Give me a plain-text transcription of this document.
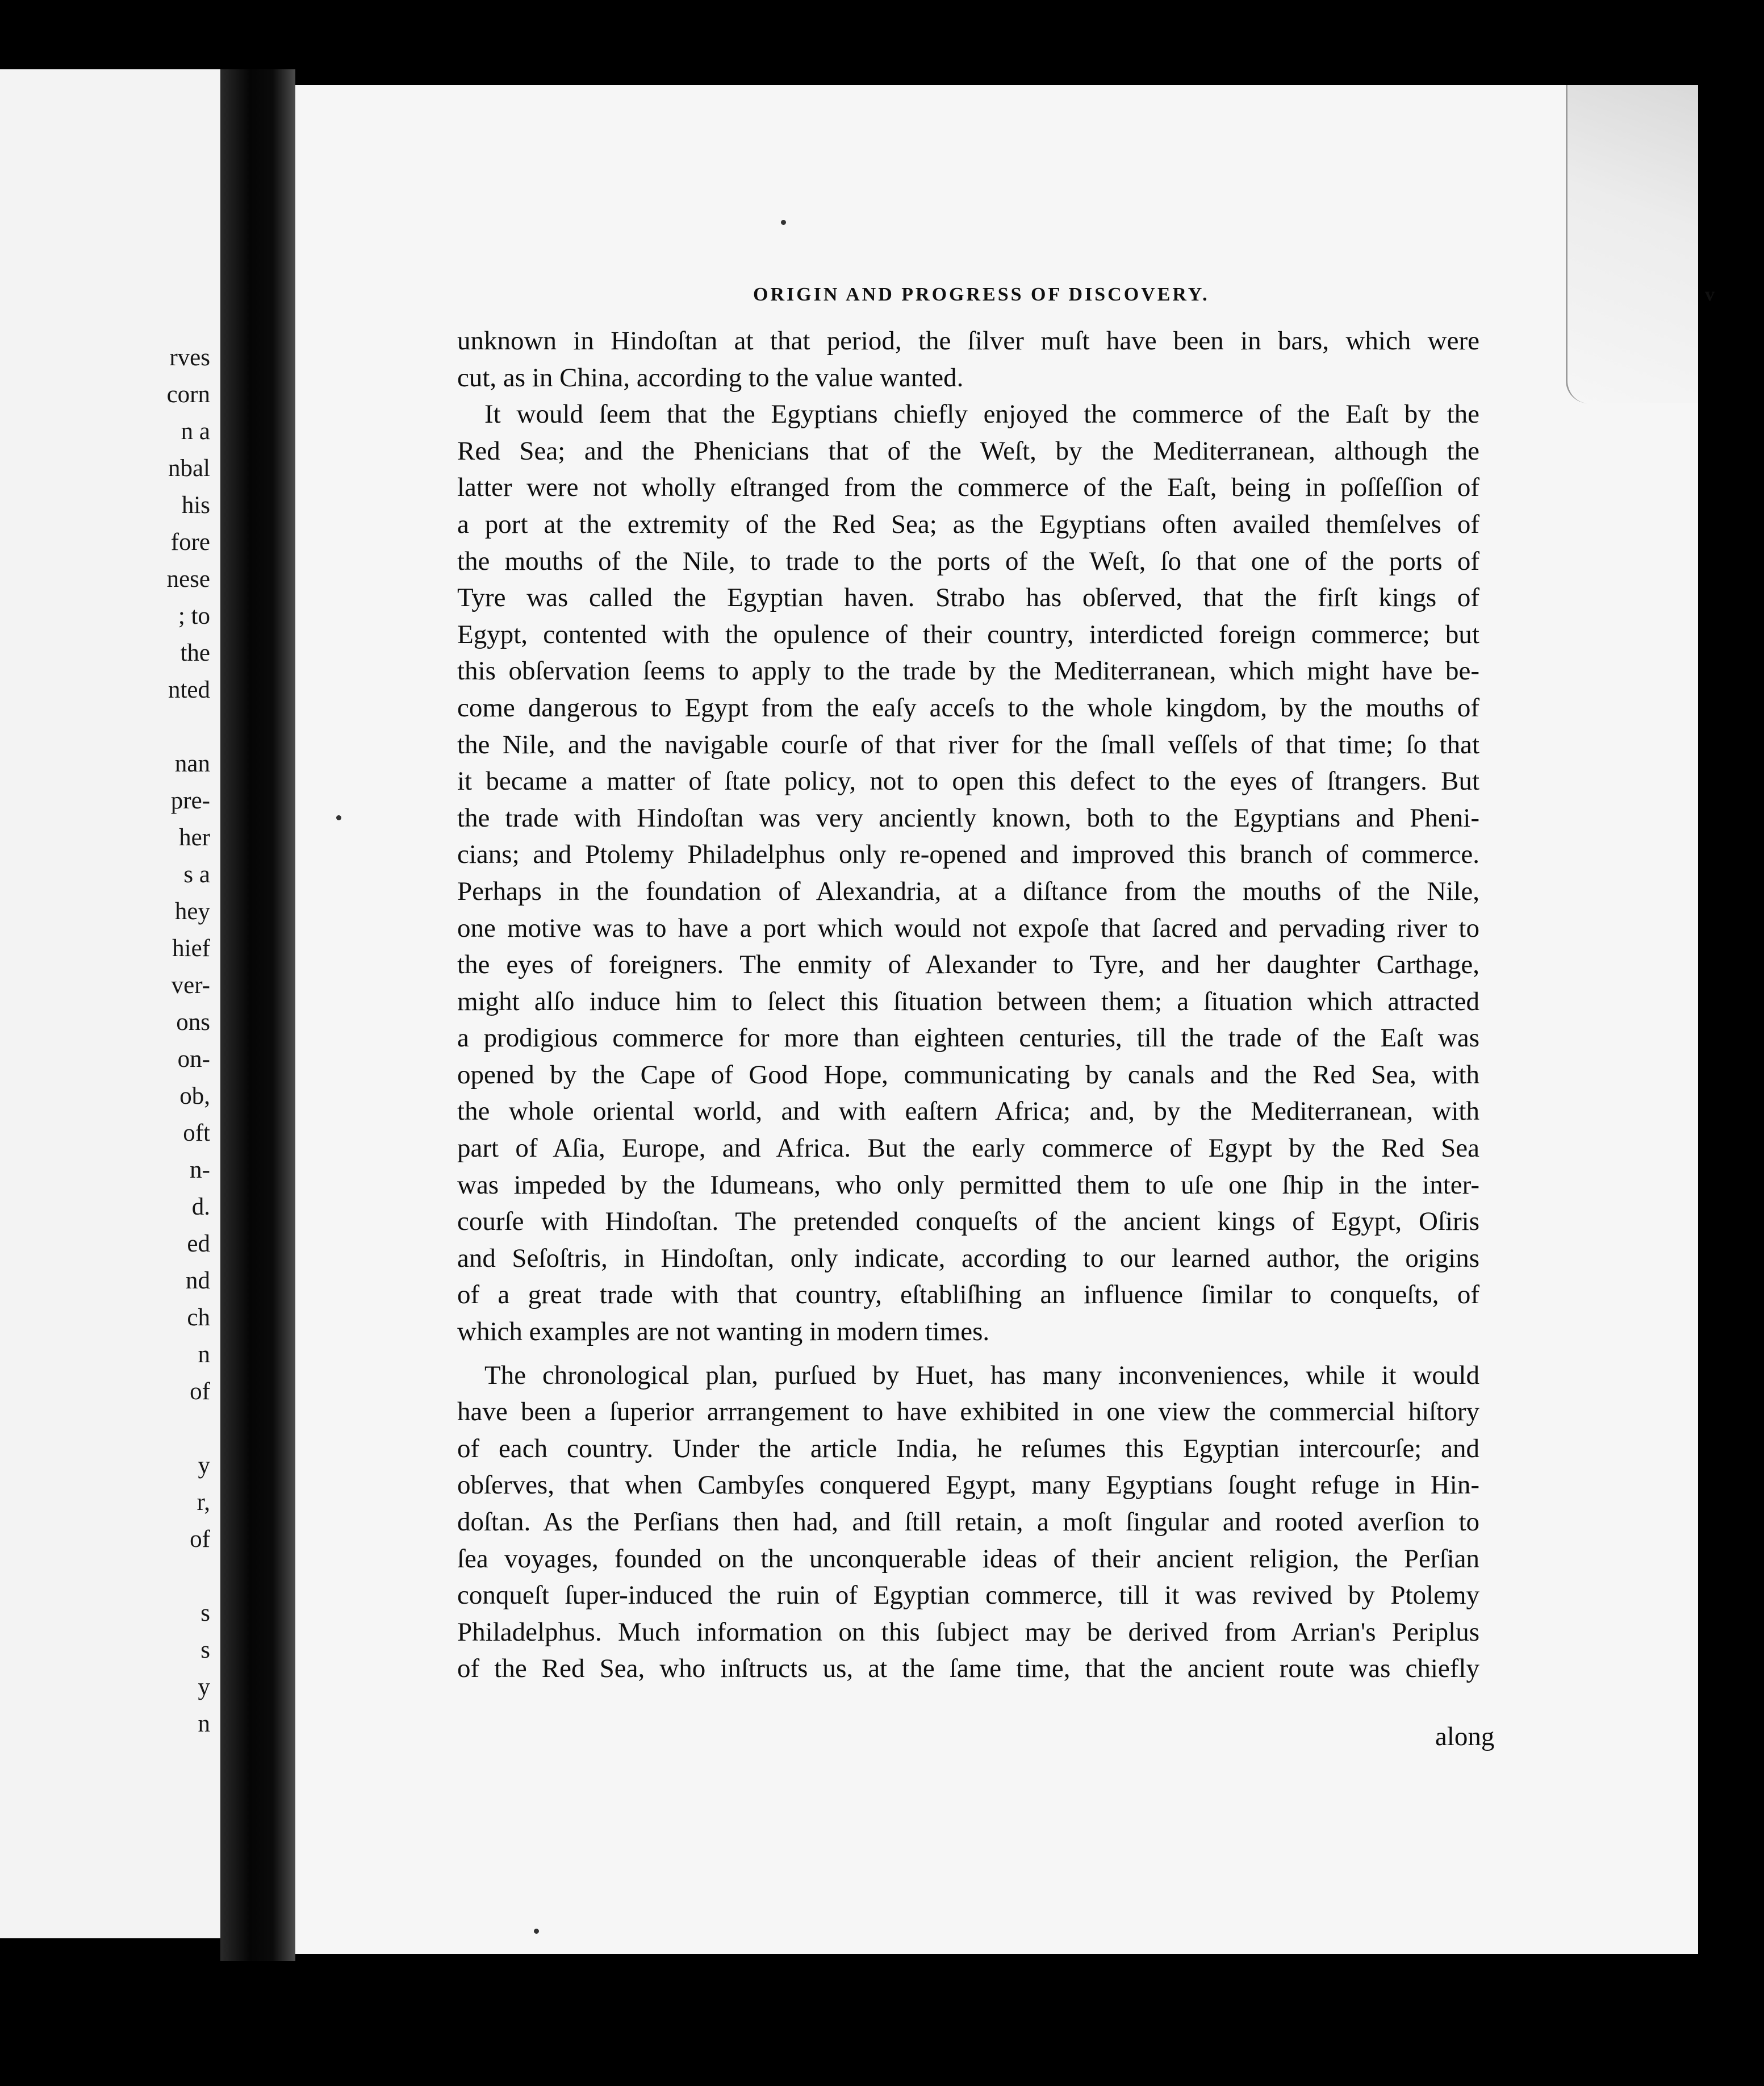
rves
corn
n a
nbal
his
fore
nese
; to
the
nted
nan
pre-
her
s a
hey
hief
ver-
ons
on-
ob,
oft
n-
d.
ed
nd
ch
n
of
y
r,
of
s
s
y
n
ORIGIN AND PROGRESS OF DISCOVERY.	v
unknown in Hindoſtan at that period, the ſilver muſt have been in bars, which were
cut, as in China, according to the value wanted.
It would ſeem that the Egyptians chiefly enjoyed the commerce of the Eaſt by the
Red Sea; and the Phenicians that of the Weſt, by the Mediterranean, although the
latter were not wholly eſtranged from the commerce of the Eaſt, being in poſſeſſion of
a port at the extremity of the Red Sea; as the Egyptians often availed themſelves of
the mouths of the Nile, to trade to the ports of the Weſt, ſo that one of the ports of
Tyre was called the Egyptian haven. Strabo has obſerved, that the firſt kings of
Egypt, contented with the opulence of their country, interdicted foreign commerce; but
this obſervation ſeems to apply to the trade by the Mediterranean, which might have be-
come dangerous to Egypt from the eaſy acceſs to the whole kingdom, by the mouths of
the Nile, and the navigable courſe of that river for the ſmall veſſels of that time; ſo that
it became a matter of ſtate policy, not to open this defect to the eyes of ſtrangers. But
the trade with Hindoſtan was very anciently known, both to the Egyptians and Pheni-
cians; and Ptolemy Philadelphus only re-opened and improved this branch of commerce.
Perhaps in the foundation of Alexandria, at a diſtance from the mouths of the Nile,
one motive was to have a port which would not expoſe that ſacred and pervading river to
the eyes of foreigners. The enmity of Alexander to Tyre, and her daughter Carthage,
might alſo induce him to ſelect this ſituation between them; a ſituation which attracted
a prodigious commerce for more than eighteen centuries, till the trade of the Eaſt was
opened by the Cape of Good Hope, communicating by canals and the Red Sea, with
the whole oriental world, and with eaſtern Africa; and, by the Mediterranean, with
part of Aſia, Europe, and Africa. But the early commerce of Egypt by the Red Sea
was impeded by the Idumeans, who only permitted them to uſe one ſhip in the inter-
courſe with Hindoſtan. The pretended conqueſts of the ancient kings of Egypt, Oſiris
and Seſoſtris, in Hindoſtan, only indicate, according to our learned author, the origins
of a great trade with that country, eſtabliſhing an influence ſimilar to conqueſts, of
which examples are not wanting in modern times.
The chronological plan, purſued by Huet, has many inconveniences, while it would
have been a ſuperior arrrangement to have exhibited in one view the commercial hiſtory
of each country. Under the article India, he reſumes this Egyptian intercourſe; and
obſerves, that when Cambyſes conquered Egypt, many Egyptians ſought refuge in Hin-
doſtan. As the Perſians then had, and ſtill retain, a moſt ſingular and rooted averſion to
ſea voyages, founded on the unconquerable ideas of their ancient religion, the Perſian
conqueſt ſuper-induced the ruin of Egyptian commerce, till it was revived by Ptolemy
Philadelphus. Much information on this ſubject may be derived from Arrian's Periplus
of the Red Sea, who inſtructs us, at the ſame time, that the ancient route was chiefly
along
